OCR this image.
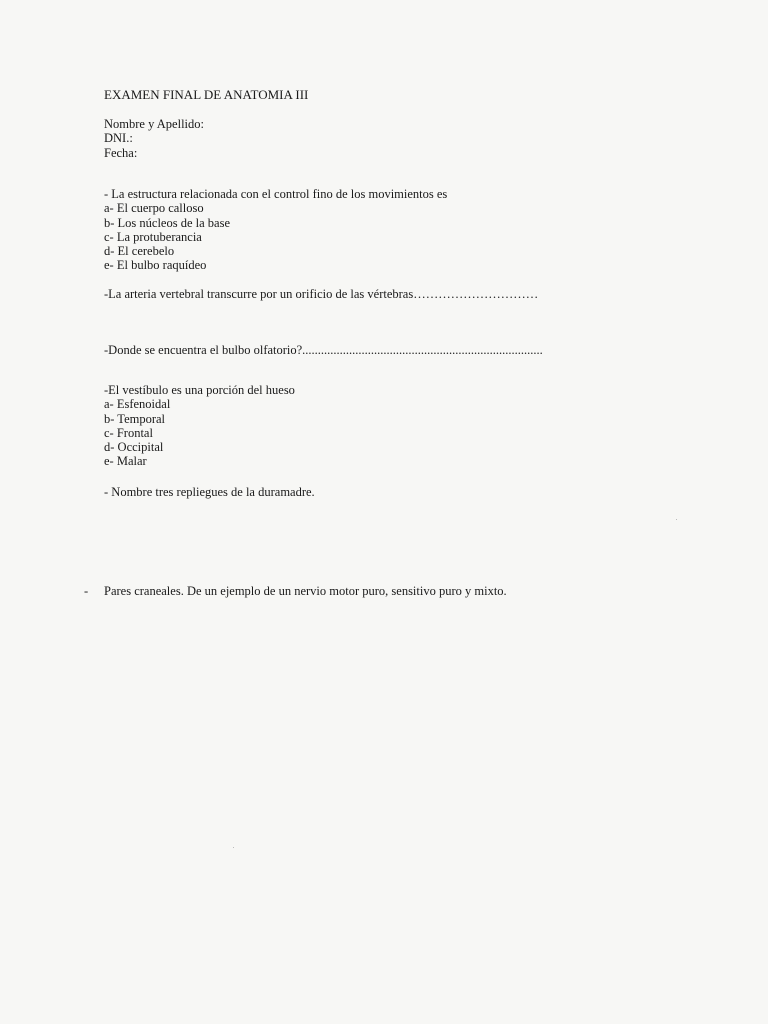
EXAMEN FINAL DE ANATOMIA III
Nombre y Apellido:
DNI.:
Fecha:
- La estructura relacionada con el control fino de los movimientos es
a- El cuerpo calloso
b- Los núcleos de la base
c- La protuberancia
d- El cerebelo
e- El bulbo raquídeo
-La arteria vertebral transcurre por un orificio de las vértebras…………………………
-Donde se encuentra el bulbo olfatorio?.............................................................................
-El vestíbulo es una porción del hueso
a- Esfenoidal
b- Temporal
c- Frontal
d- Occipital
e- Malar
- Nombre tres repliegues de la duramadre.
- Pares craneales. De un ejemplo de un nervio motor puro, sensitivo puro y mixto.
